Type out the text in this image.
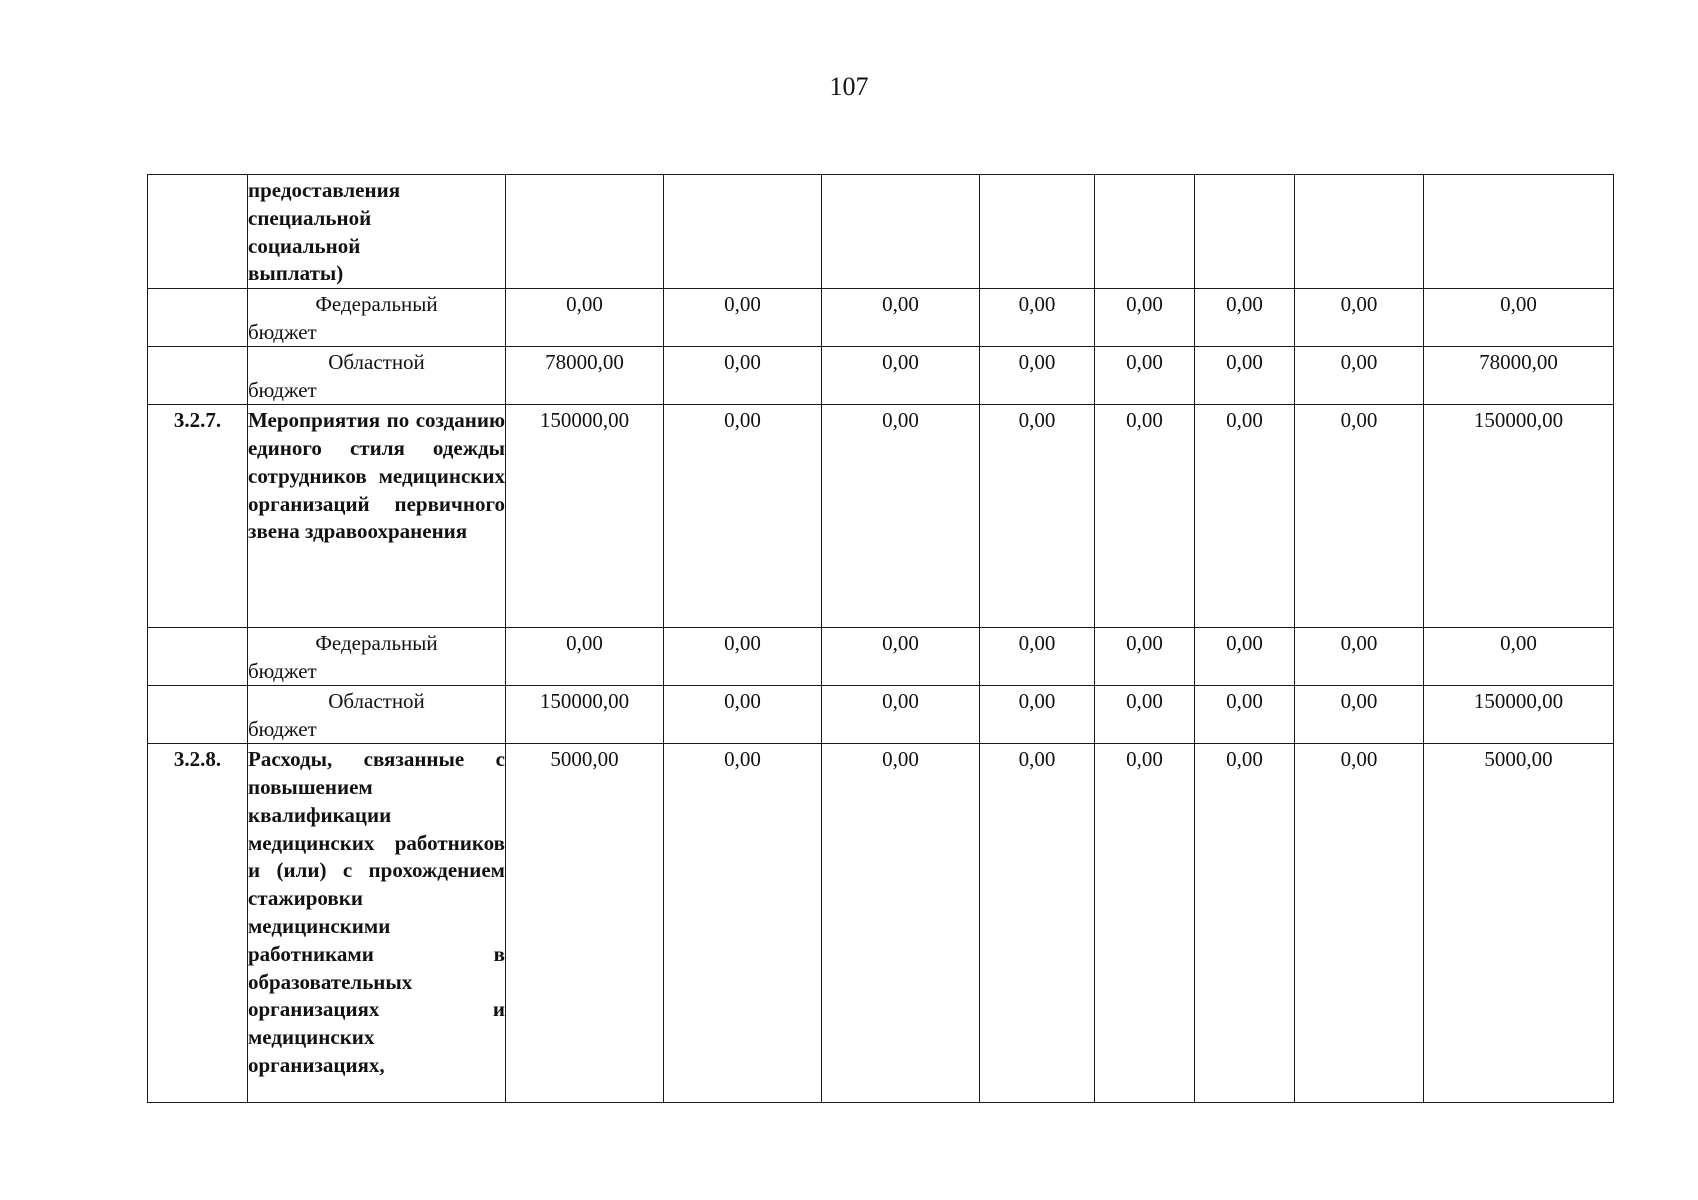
107

	предоставления
специальной
социальной
выплаты)								

	Федеральный
бюджет	0,00	0,00	0,00	0,00	0,00	0,00	0,00	0,00

	Областной
бюджет	78000,00	0,00	0,00	0,00	0,00	0,00	0,00	78000,00
3.2.7.	Мероприятия по созданию единого стиля одежды сотрудников медицинских организаций первичного звена здравоохранения	150000,00	0,00	0,00	0,00	0,00	0,00	0,00	150000,00

	Федеральный
бюджет	0,00	0,00	0,00	0,00	0,00	0,00	0,00	0,00

	Областной
бюджет	150000,00	0,00	0,00	0,00	0,00	0,00	0,00	150000,00
3.2.8.	Расходы, связанные с повышением квалификации медицинских работников и (или) с прохождением стажировки медицинскими работниками в образовательных организациях и медицинских организациях,	5000,00	0,00	0,00	0,00	0,00	0,00	0,00	5000,00
